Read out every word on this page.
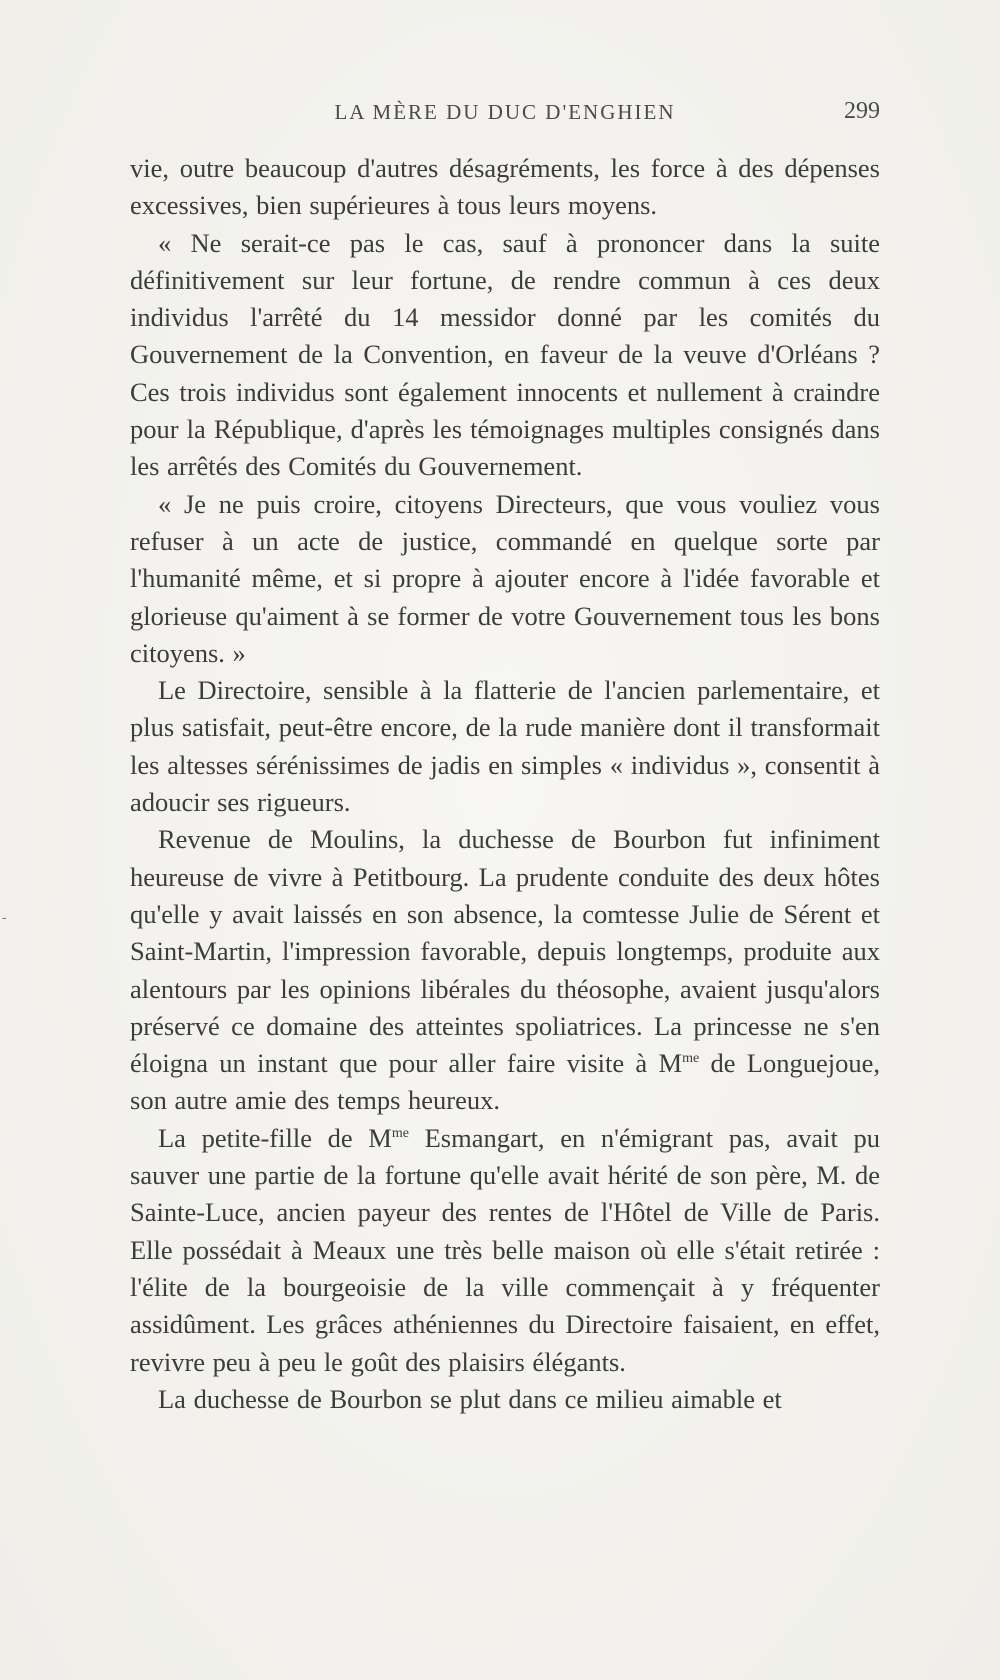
-
LA MÈRE DU DUC D'ENGHIEN	299

vie, outre beaucoup d'autres désagréments, les force à des dépenses excessives, bien supérieures à tous leurs moyens.

« Ne serait-ce pas le cas, sauf à prononcer dans la suite définitivement sur leur fortune, de rendre commun à ces deux individus l'arrêté du 14 messidor donné par les comités du Gouvernement de la Convention, en faveur de la veuve d'Orléans ? Ces trois individus sont également innocents et nullement à craindre pour la République, d'après les témoignages multiples consignés dans les arrêtés des Comités du Gouvernement.

« Je ne puis croire, citoyens Directeurs, que vous vouliez vous refuser à un acte de justice, commandé en quelque sorte par l'humanité même, et si propre à ajouter encore à l'idée favorable et glorieuse qu'aiment à se former de votre Gouvernement tous les bons citoyens. »

Le Directoire, sensible à la flatterie de l'ancien parlementaire, et plus satisfait, peut-être encore, de la rude manière dont il transformait les altesses sérénissimes de jadis en simples « individus », consentit à adoucir ses rigueurs.

Revenue de Moulins, la duchesse de Bourbon fut infiniment heureuse de vivre à Petitbourg. La prudente conduite des deux hôtes qu'elle y avait laissés en son absence, la comtesse Julie de Sérent et Saint-Martin, l'impression favorable, depuis longtemps, produite aux alentours par les opinions libérales du théosophe, avaient jusqu'alors préservé ce domaine des atteintes spoliatrices. La princesse ne s'en éloigna un instant que pour aller faire visite à $M^{me}$ de Longuejoue, son autre amie des temps heureux.

La petite-fille de $M^{me}$ Esmangart, en n'émigrant pas, avait pu sauver une partie de la fortune qu'elle avait hérité de son père, M. de Sainte-Luce, ancien payeur des rentes de l'Hôtel de Ville de Paris. Elle possédait à Meaux une très belle maison où elle s'était retirée : l'élite de la bourgeoisie de la ville commençait à y fréquenter assidûment. Les grâces athéniennes du Directoire faisaient, en effet, revivre peu à peu le goût des plaisirs élégants.

La duchesse de Bourbon se plut dans ce milieu aimable et
